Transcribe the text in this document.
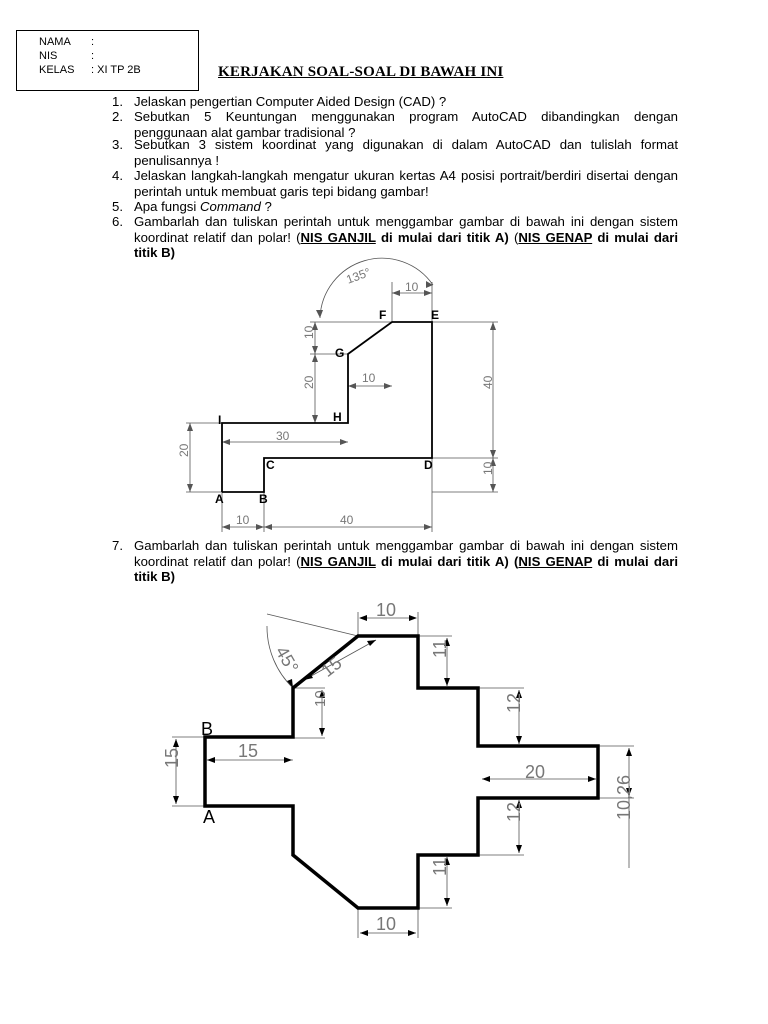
NAMA	:
NIS	:
KELAS	: XI TP 2B	KERJAKAN SOAL-SOAL DI BAWAH INI
1. Jelaskan pengertian Computer Aided Design (CAD) ?
2. Sebutkan 5 Keuntungan menggunakan program AutoCAD dibandingkan dengan penggunaan alat gambar tradisional ?
3. Sebutkan 3 sistem koordinat yang digunakan di dalam AutoCAD dan tulislah format penulisannya !
4. Jelaskan langkah-langkah mengatur ukuran kertas A4 posisi portrait/berdiri disertai dengan perintah untuk membuat garis tepi bidang gambar!
5. Apa fungsi Command ?
6. Gambarlah dan tuliskan perintah untuk menggambar gambar di bawah ini dengan sistem koordinat relatif dan polar! (NIS GANJIL di mulai dari titik A) (NIS GENAP di mulai dari titik B)
7. Gambarlah dan tuliskan perintah untuk menggambar gambar di bawah ini dengan sistem koordinat relatif dan polar! (NIS GANJIL di mulai dari titik A) (NIS GENAP di mulai dari titik B)
135°
10
10
20	10	40
10
30
20
10	40
A	B
C	D
E
F
G
H
I
10
45° 15
10
15	15
11
12
20
12
11
10,26
10
B
A
